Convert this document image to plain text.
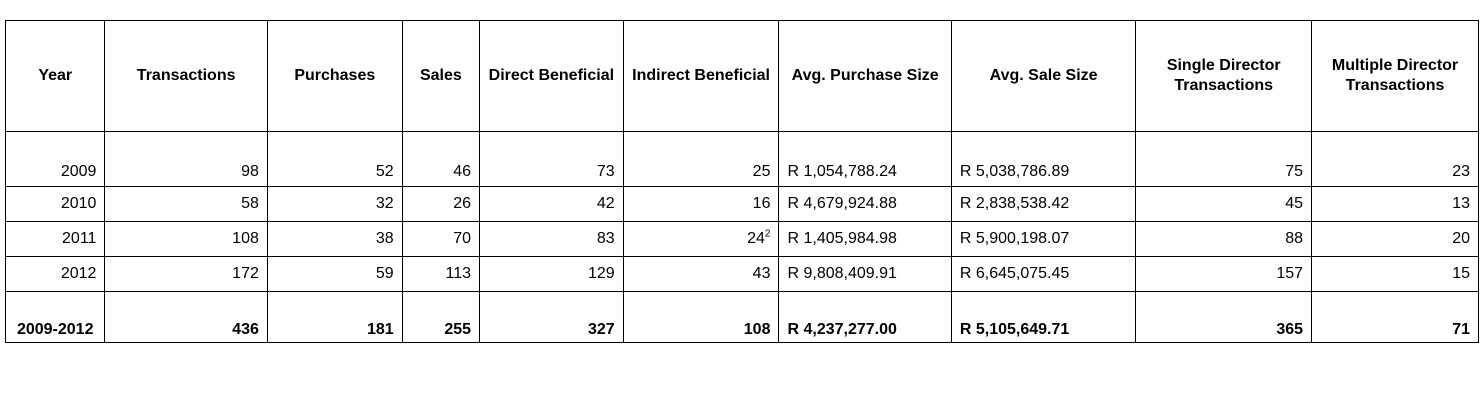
Year	Transactions	Purchases	Sales	Direct Beneficial	Indirect Beneficial	Avg. Purchase Size	Avg. Sale Size	Single Director Transactions	Multiple Director Transactions
2009	98	52	46	73	25	R 1,054,788.24	R 5,038,786.89	75	23
2010	58	32	26	42	16	R 4,679,924.88	R 2,838,538.42	45	13
2011	108	38	70	83	$24^2$	R 1,405,984.98	R 5,900,198.07	88	20
2012	172	59	113	129	43	R 9,808,409.91	R 6,645,075.45	157	15
2009-2012	436	181	255	327	108	R 4,237,277.00	R 5,105,649.71	365	71
